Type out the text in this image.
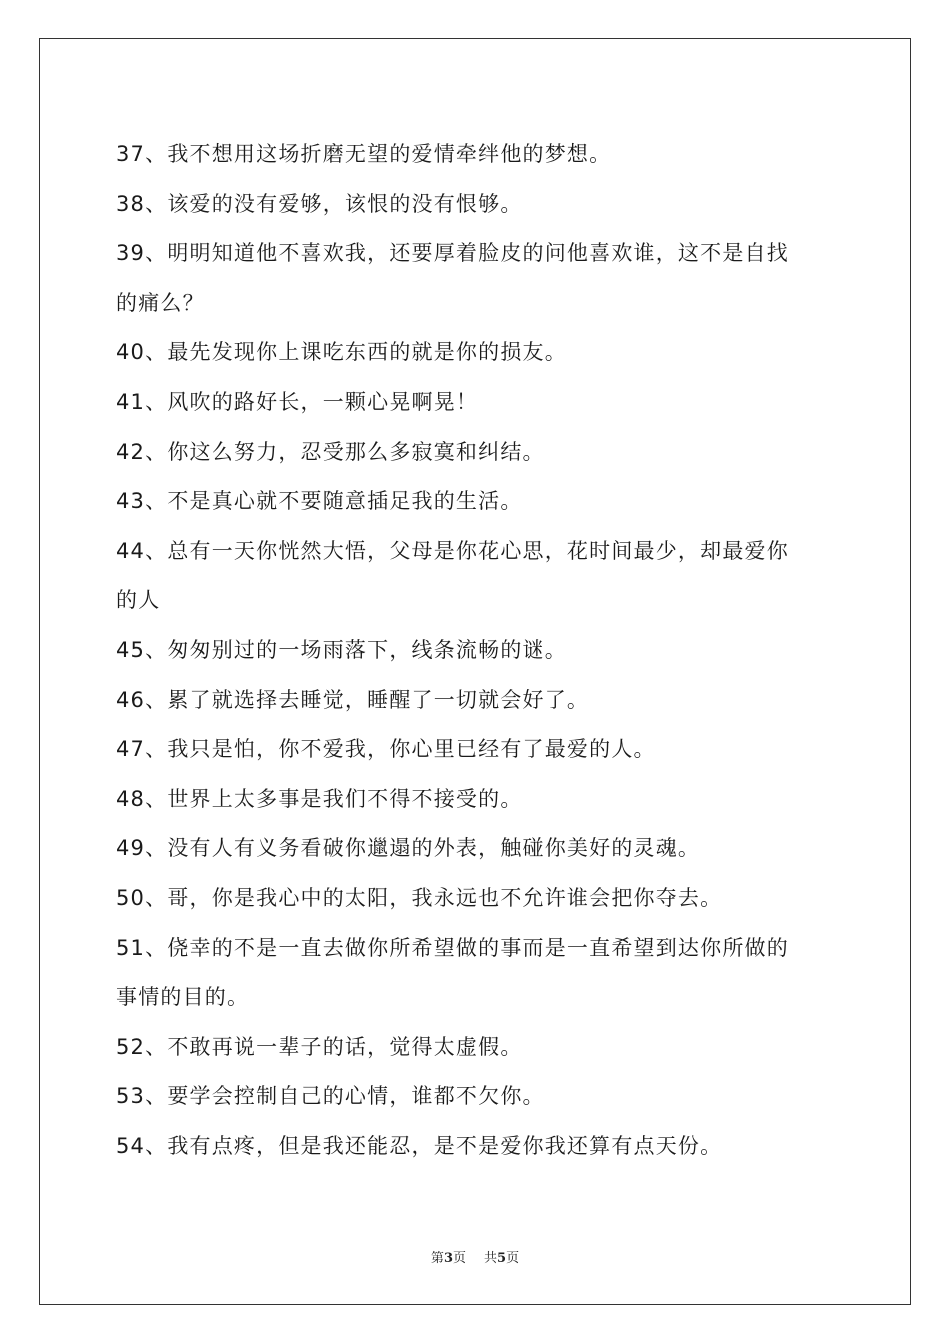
37、我不想用这场折磨无望的爱情牵绊他的梦想。
38、该爱的没有爱够，该恨的没有恨够。
39、明明知道他不喜欢我，还要厚着脸皮的问他喜欢谁，这不是自找
的痛么？
40、最先发现你上课吃东西的就是你的损友。
41、风吹的路好长，一颗心晃啊晃！
42、你这么努力，忍受那么多寂寞和纠结。
43、不是真心就不要随意插足我的生活。
44、总有一天你恍然大悟，父母是你花心思，花时间最少，却最爱你
的人
45、匆匆别过的一场雨落下，线条流畅的谜。
46、累了就选择去睡觉，睡醒了一切就会好了。
47、我只是怕，你不爱我，你心里已经有了最爱的人。
48、世界上太多事是我们不得不接受的。
49、没有人有义务看破你邋遢的外表，触碰你美好的灵魂。
50、哥，你是我心中的太阳，我永远也不允许谁会把你夺去。
51、侥幸的不是一直去做你所希望做的事而是一直希望到达你所做的
事情的目的。
52、不敢再说一辈子的话，觉得太虚假。
53、要学会控制自己的心情，谁都不欠你。
54、我有点疼，但是我还能忍，是不是爱你我还算有点天份。
第3页 共5页
